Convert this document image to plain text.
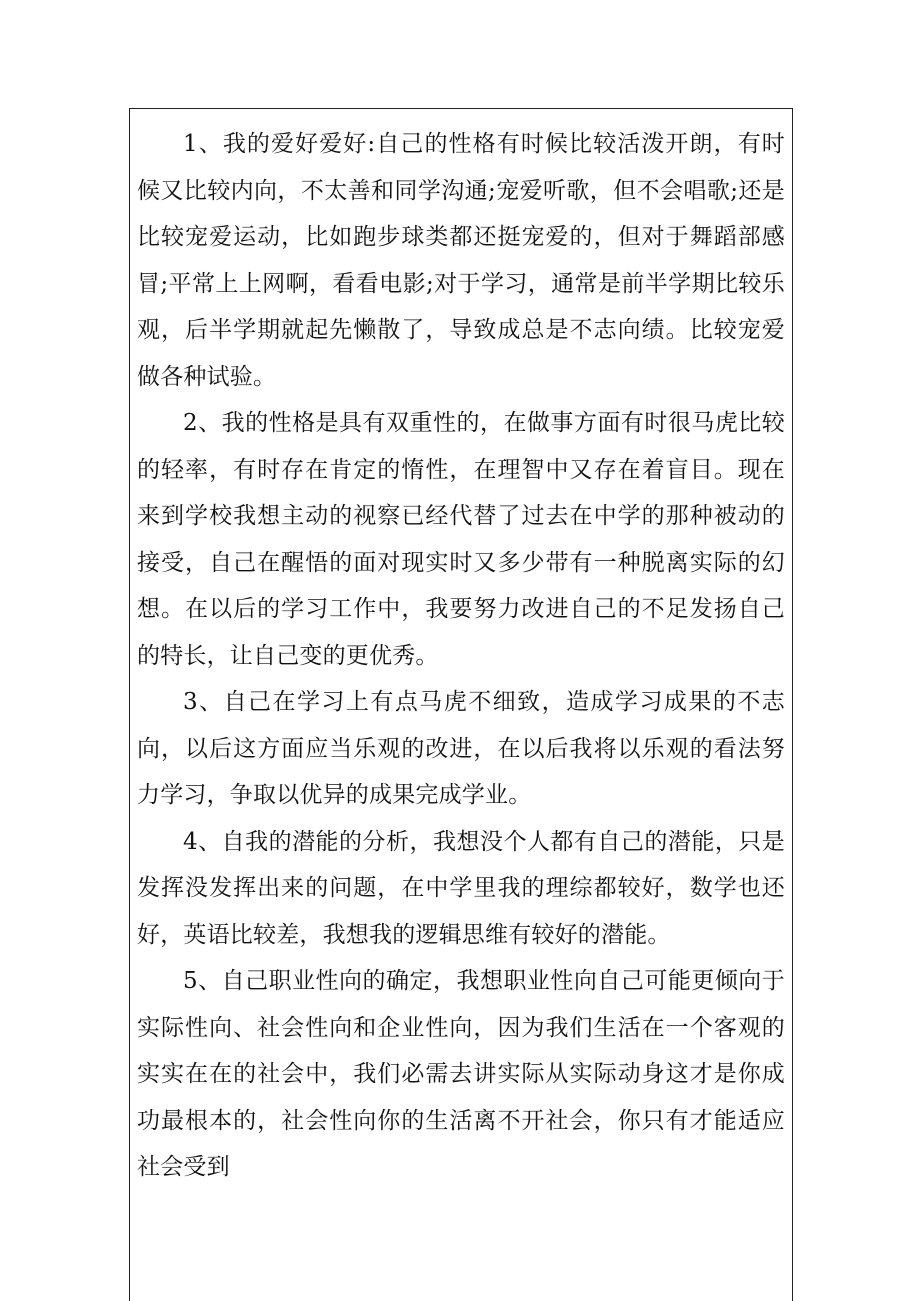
1、我的爱好爱好:自己的性格有时候比较活泼开朗，有时候又比较内向，不太善和同学沟通;宠爱听歌，但不会唱歌;还是比较宠爱运动，比如跑步球类都还挺宠爱的，但对于舞蹈部感冒;平常上上网啊，看看电影;对于学习，通常是前半学期比较乐观，后半学期就起先懒散了，导致成总是不志向绩。比较宠爱做各种试验。

2、我的性格是具有双重性的，在做事方面有时很马虎比较的轻率，有时存在肯定的惰性，在理智中又存在着盲目。现在来到学校我想主动的视察已经代替了过去在中学的那种被动的接受，自己在醒悟的面对现实时又多少带有一种脱离实际的幻想。在以后的学习工作中，我要努力改进自己的不足发扬自己的特长，让自己变的更优秀。

3、自己在学习上有点马虎不细致，造成学习成果的不志向，以后这方面应当乐观的改进，在以后我将以乐观的看法努力学习，争取以优异的成果完成学业。

4、自我的潜能的分析，我想没个人都有自己的潜能，只是发挥没发挥出来的问题，在中学里我的理综都较好，数学也还好，英语比较差，我想我的逻辑思维有较好的潜能。

5、自己职业性向的确定，我想职业性向自己可能更倾向于实际性向、社会性向和企业性向，因为我们生活在一个客观的实实在在的社会中，我们必需去讲实际从实际动身这才是你成功最根本的，社会性向你的生活离不开社会，你只有才能适应社会受到
